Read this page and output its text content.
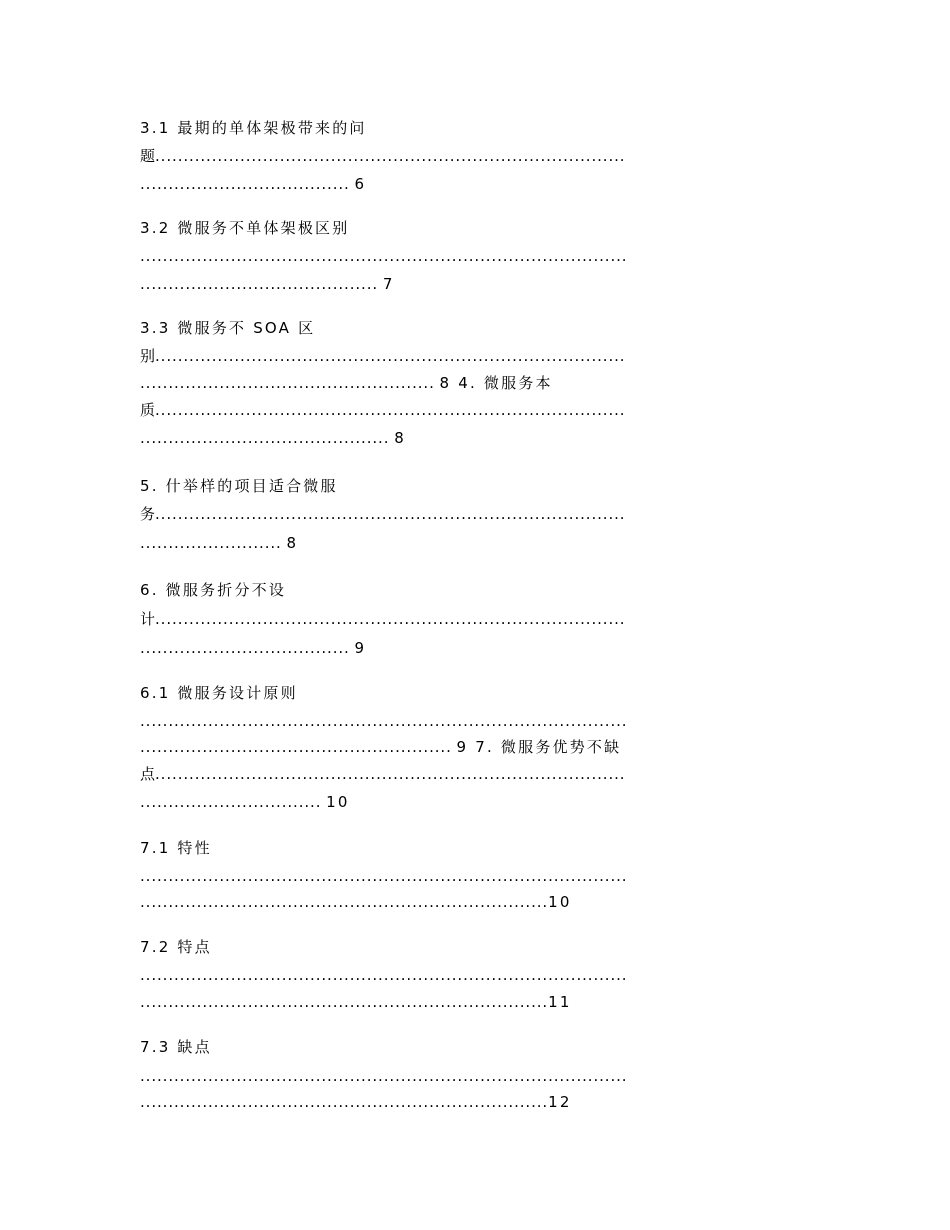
3.1 最期的单体架极带来的问
题...................................................................................
..................................... 6
3.2 微服务不单体架极区别
......................................................................................
.......................................... 7
3.3 微服务不 SOA 区
别...................................................................................
.................................................... 8 4. 微服务本
质...................................................................................
............................................ 8
5. 什举样的项目适合微服
务...................................................................................
......................... 8
6. 微服务折分不设
计...................................................................................
..................................... 9
6.1 微服务设计原则
......................................................................................
....................................................... 9 7. 微服务优势不缺
点...................................................................................
................................ 10
7.1 特性
......................................................................................
........................................................................10
7.2 特点
......................................................................................
........................................................................11
7.3 缺点
......................................................................................
........................................................................12
